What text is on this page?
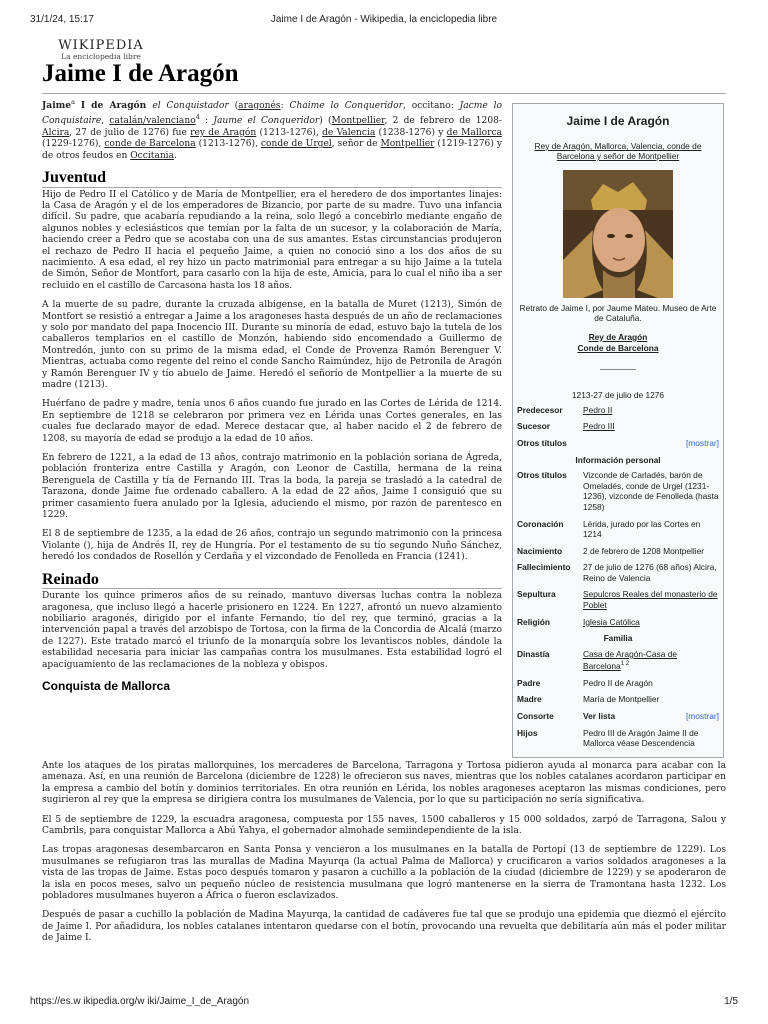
31/1/24, 15:17	Jaime I de Aragón - Wikipedia, la enciclopedia libre
WIKIPEDIA
La enciclopedia libre
Jaime I de Aragón

Jaime$^a$ I de Aragón el Conquistador (aragonés: Chaime lo Conqueridor, occitano: Jacme lo Conquistaire, catalán/valenciano$^4$ : Jaume el Conqueridor) (Montpellier, 2 de febrero de 1208-Alcira, 27 de julio de 1276) fue rey de Aragón (1213-1276), de Valencia (1238-1276) y de Mallorca (1229-1276), conde de Barcelona (1213-1276), conde de Urgel, señor de Montpellier (1219-1276) y de otros feudos en Occitania.

Juventud

Hijo de Pedro II el Católico y de María de Montpellier, era el heredero de dos importantes linajes: la Casa de Aragón y el de los emperadores de Bizancio, por parte de su madre. Tuvo una infancia difícil. Su padre, que acabaría repudiando a la reina, solo llegó a concebirlo mediante engaño de algunos nobles y eclesiásticos que temían por la falta de un sucesor, y la colaboración de María, haciendo creer a Pedro que se acostaba con una de sus amantes. Estas circunstancias produjeron el rechazo de Pedro II hacia el pequeño Jaime, a quien no conoció sino a los dos años de su nacimiento. A esa edad, el rey hizo un pacto matrimonial para entregar a su hijo Jaime a la tutela de Simón, Señor de Montfort, para casarlo con la hija de este, Amicia, para lo cual el niño iba a ser recluido en el castillo de Carcasona hasta los 18 años.

A la muerte de su padre, durante la cruzada albigense, en la batalla de Muret (1213), Simón de Montfort se resistió a entregar a Jaime a los aragoneses hasta después de un año de reclamaciones y solo por mandato del papa Inocencio III. Durante su minoría de edad, estuvo bajo la tutela de los caballeros templarios en el castillo de Monzón, habiendo sido encomendado a Guillermo de Montredón, junto con su primo de la misma edad, el Conde de Provenza Ramón Berenguer V. Mientras, actuaba como regente del reino el conde Sancho Raimúndez, hijo de Petronila de Aragón y Ramón Berenguer IV y tío abuelo de Jaime. Heredó el señorío de Montpellier a la muerte de su madre (1213).

Huérfano de padre y madre, tenía unos 6 años cuando fue jurado en las Cortes de Lérida de 1214. En septiembre de 1218 se celebraron por primera vez en Lérida unas Cortes generales, en las cuales fue declarado mayor de edad. Merece destacar que, al haber nacido el 2 de febrero de 1208, su mayoría de edad se produjo a la edad de 10 años.

En febrero de 1221, a la edad de 13 años, contrajo matrimonio en la población soriana de Ágreda, población fronteriza entre Castilla y Aragón, con Leonor de Castilla, hermana de la reina Berenguela de Castilla y tía de Fernando III. Tras la boda, la pareja se trasladó a la catedral de Tarazona, donde Jaime fue ordenado caballero. A la edad de 22 años, Jaime I consiguió que su primer casamiento fuera anulado por la Iglesia, aduciendo el mismo, por razón de parentesco en 1229.

El 8 de septiembre de 1235, a la edad de 26 años, contrajo un segundo matrimonio con la princesa Violante (), hija de Andrés II, rey de Hungría. Por el testamento de su tío segundo Nuño Sánchez, heredó los condados de Rosellón y Cerdaña y el vizcondado de Fenolleda en Francia (1241).

Reinado

Durante los quince primeros años de su reinado, mantuvo diversas luchas contra la nobleza aragonesa, que incluso llegó a hacerle prisionero en 1224. En 1227, afrontó un nuevo alzamiento nobiliario aragonés, dirigido por el infante Fernando, tío del rey, que terminó, gracias a la intervención papal a través del arzobispo de Tortosa, con la firma de la Concordia de Alcalá (marzo de 1227). Este tratado marcó el triunfo de la monarquía sobre los levantiscos nobles, dándole la estabilidad necesaria para iniciar las campañas contra los musulmanes. Esta estabilidad logró el apaciguamiento de las reclamaciones de la nobleza y obispos.

Conquista de Mallorca

Ante los ataques de los piratas mallorquines, los mercaderes de Barcelona, Tarragona y Tortosa pidieron ayuda al monarca para acabar con la amenaza. Así, en una reunión de Barcelona (diciembre de 1228) le ofrecieron sus naves, mientras que los nobles catalanes acordaron participar en la empresa a cambio del botín y dominios territoriales. En otra reunión en Lérida, los nobles aragoneses aceptaron las mismas condiciones, pero sugirieron al rey que la empresa se dirigiera contra los musulmanes de Valencia, por lo que su participación no sería significativa.

El 5 de septiembre de 1229, la escuadra aragonesa, compuesta por 155 naves, 1500 caballeros y 15 000 soldados, zarpó de Tarragona, Salou y Cambrils, para conquistar Mallorca a Abú Yahya, el gobernador almohade semiindependiente de la isla.

Las tropas aragonesas desembarcaron en Santa Ponsa y vencieron a los musulmanes en la batalla de Portopí (13 de septiembre de 1229). Los musulmanes se refugiaron tras las murallas de Madina Mayurqa (la actual Palma de Mallorca) y crucificaron a varios soldados aragoneses a la vista de las tropas de Jaime. Estas poco después tomaron y pasaron a cuchillo a la población de la ciudad (diciembre de 1229) y se apoderaron de la isla en pocos meses, salvo un pequeño núcleo de resistencia musulmana que logró mantenerse en la sierra de Tramontana hasta 1232. Los pobladores musulmanes huyeron a África o fueron esclavizados.

Después de pasar a cuchillo la población de Madina Mayurqa, la cantidad de cadáveres fue tal que se produjo una epidemia que diezmó el ejército de Jaime I. Por añadidura, los nobles catalanes intentaron quedarse con el botín, provocando una revuelta que debilitaría aún más el poder militar de Jaime I.

Jaime I de Aragón
Rey de Aragón, Mallorca, Valencia, conde de Barcelona y señor de Montpellier
Retrato de Jaime I, por Jaume Mateu. Museo de Arte de Cataluña.
Rey de Aragón
Conde de Barcelona
1213-27 de julio de 1276
Predecesor	Pedro II
Sucesor	Pedro III
Otros títulos	[mostrar]
Información personal
Otros títulos	Vizconde de Carladés, barón de Omeladés, conde de Urgel (1231-1236), vizconde de Fenolleda (hasta 1258)
Coronación	Lérida, jurado por las Cortes en 1214
Nacimiento	2 de febrero de 1208 Montpellier
Fallecimiento	27 de julio de 1276 (68 años) Alcira, Reino de Valencia
Sepultura	Sepulcros Reales del monasterio de Poblet
Religión	Iglesia Católica
Familia
Dinastía	Casa de Aragón-Casa de Barcelona$^{1 2}$
Padre	Pedro II de Aragón
Madre	María de Montpellier
Consorte	Ver lista	[mostrar]
Hijos	Pedro III de Aragón Jaime II de Mallorca véase Descendencia
https://es.w ikipedia.org/w iki/Jaime_I_de_Aragón	1/5
